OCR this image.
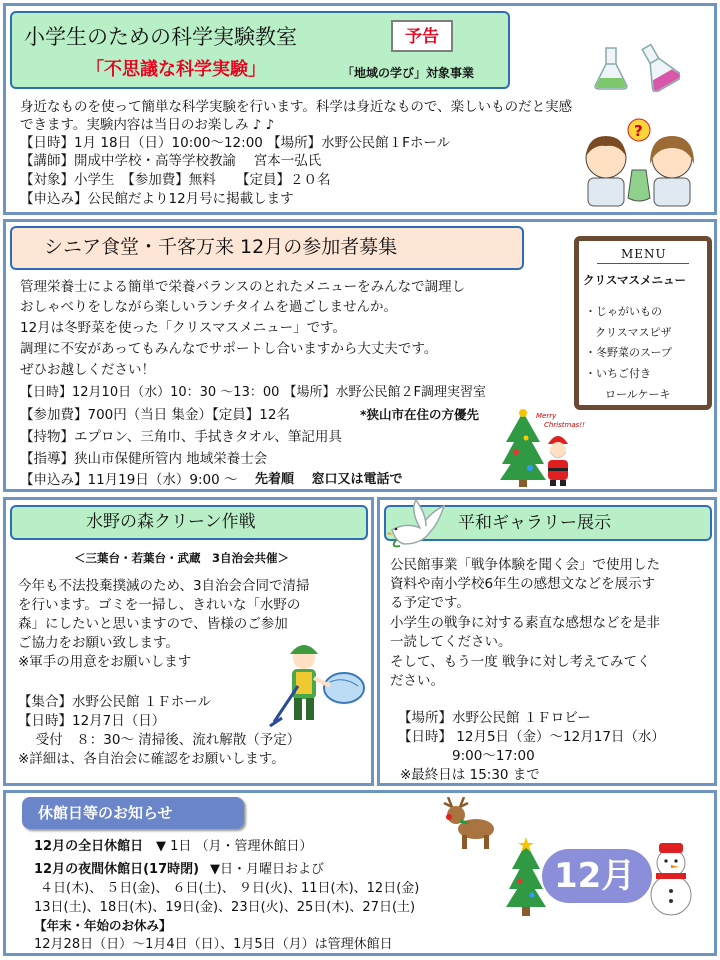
小学生のための科学実験教室	予告
「不思議な科学実験」	「地域の学び」対象事業
身近なものを使って簡単な科学実験を行います。科学は身近なもので、楽しいものだと実感
できます。実験内容は当日のお楽しみ ♪ ♪
【日時】1月 18日（日）10:00～12:00 【場所】水野公民館１Fホール
【講師】開成中学校・高等学校教諭　 宮本一弘氏
【対象】小学生　【参加費】無料　　【定員】２０名
【申込み】公民館だより12月号に掲載します
?
シニア食堂・千客万来 12月の参加者募集
管理栄養士による簡単で栄養バランスのとれたメニューをみんなで調理し
おしゃべりをしながら楽しいランチタイムを過ごしませんか。
12月は冬野菜を使った「クリスマスメニュー」です。
調理に不安があってもみんなでサポートし合いますから大丈夫です。
ぜひお越しください！
【日時】12月10日（水）10：30 ～13：00 【場所】水野公民館２F調理実習室
【参加費】700円（当日 集金）【定員】12名	*狭山市在住の方優先
【持物】エプロン、三角巾、手拭きタオル、筆記用具
【指導】狭山市保健所管内 地域栄養士会
【申込み】11月19日（水）9:00 ～ 先着順　 窓口又は電話で
MENU
クリスマスメニュー
・じゃがいもの
クリスマスピザ
・冬野菜のスープ
・いちご付き
ロールケーキ
Merry
Christmas!!
水野の森クリーン作戦
＜三葉台・若葉台・武蔵　3自治会共催＞
今年も不法投棄撲滅のため、3自治会合同で清掃
を行います。ゴミを一掃し、きれいな「水野の
森」にしたいと思いますので、皆様のご参加
ご協力をお願い致します。
※軍手の用意をお願いします
【集合】水野公民館 １Ｆホール
【日時】12月7日（日）
　 受付　８：30～ 清掃後、流れ解散（予定）
※詳細は、各自治会に確認をお願いします。
平和ギャラリー展示
公民館事業「戦争体験を聞く会」で使用した
資料や南小学校6年生の感想文などを展示す
る予定です。
小学生の戦争に対する素直な感想などを是非
一読してください。
そして、もう一度 戦争に対し考えてみてく
ださい。
【場所】水野公民館 １Ｆロビー
【日時】 12月5日（金）～12月17日（水）
9:00～17:00
※最終日は 15:30 まで
休館日等のお知らせ
12月の全日休館日 ▼ 1日 （月・管理休館日）
12月の夜間休館日(17時閉) ▼日・月曜日および
４日(木)、 ５日(金)、 ６日(土)、 ９日(火)、11日(木)、12日(金)
13日(土)、18日(木)、19日(金)、23日(火)、25日(木)、27日(土)
【年末・年始のお休み】
12月28日（日）～1月4日（日）、1月5日（月）は管理休館日
12月
